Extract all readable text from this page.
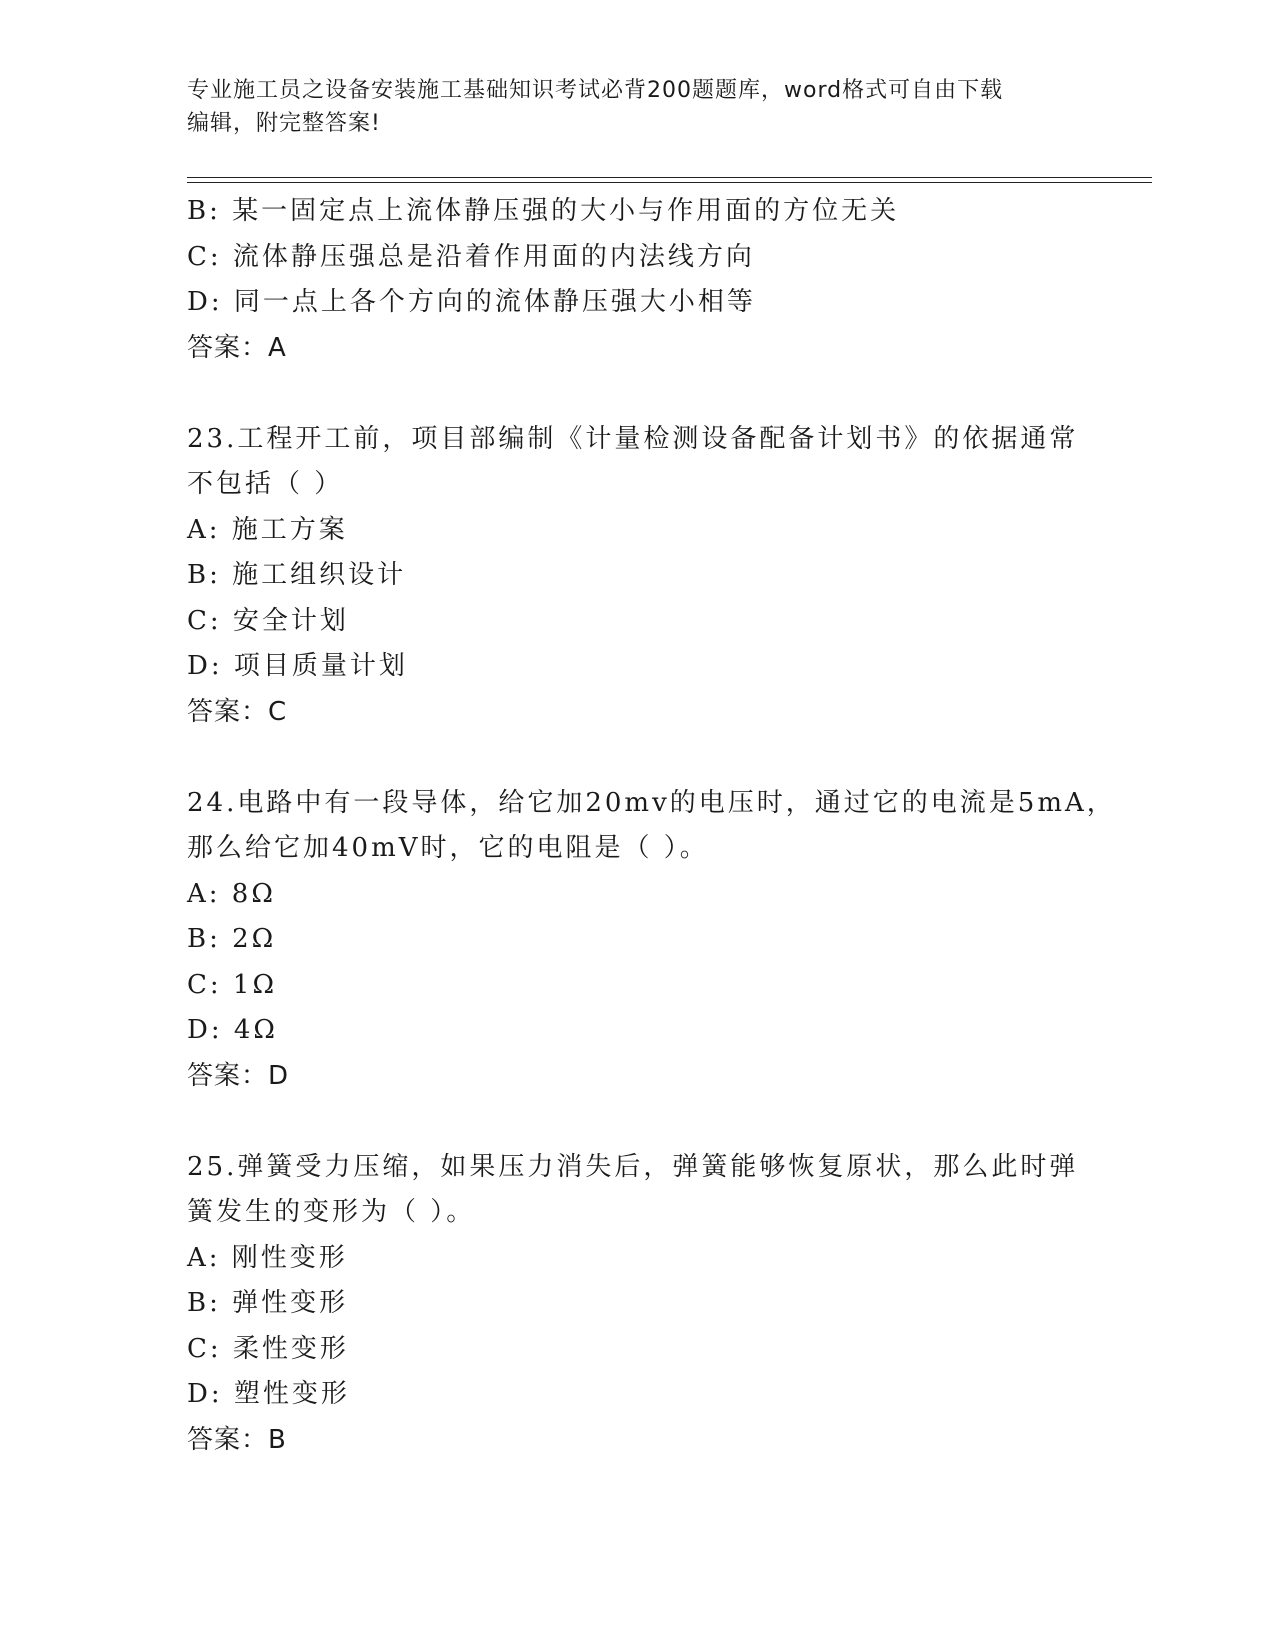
专业施工员之设备安装施工基础知识考试必背200题题库，word格式可自由下载
编辑，附完整答案!
B: 某一固定点上流体静压强的大小与作用面的方位无关
C: 流体静压强总是沿着作用面的内法线方向
D: 同一点上各个方向的流体静压强大小相等
答案：A
23.工程开工前，项目部编制《计量检测设备配备计划书》的依据通常
不包括（ ）
A: 施工方案
B: 施工组织设计
C: 安全计划
D: 项目质量计划
答案：C
24.电路中有一段导体，给它加20mv的电压时，通过它的电流是5mA，
那么给它加40mV时，它的电阻是（ ）。
A: 8Ω
B: 2Ω
C: 1Ω
D: 4Ω
答案：D
25.弹簧受力压缩，如果压力消失后，弹簧能够恢复原状，那么此时弹
簧发生的变形为（ ）。
A: 刚性变形
B: 弹性变形
C: 柔性变形
D: 塑性变形
答案：B
